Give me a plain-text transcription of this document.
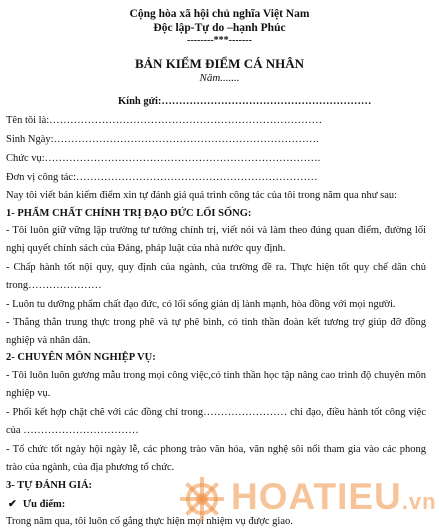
Cộng hòa xã hội chủ nghĩa Việt Nam
Độc lập-Tự do –hạnh Phúc
--------***-------
BẢN KIỂM ĐIỂM CÁ NHÂN
Năm.......
Kính gửi:……………………………………………………
Tên tôi là:……………………………………………………………………
Sinh Ngày:………………………………………………………………….
Chức vụ:…………………………………………………………………….
Đơn vị công tác:……………………………………………………………
Nay tôi viết bản kiểm điểm xin tự đánh giá quá trình công tác của tôi trong năm qua như sau:
1- PHẨM CHẤT CHÍNH TRỊ ĐẠO ĐỨC LỐI SỐNG:
- Tôi luôn giữ vững lập trường tư tưởng chính trị, viết nói và làm theo đúng quan điểm, đường lối nghị quyết chính sách của Đảng, pháp luật của nhà nước quy định.
- Chấp hành tốt nội quy, quy định của ngành, của trường đề ra. Thực hiện tốt quy chế dân chủ trong…………………
- Luôn tu dưỡng phẩm chất đạo đức, có lối sống giản dị lành mạnh, hòa đồng với mọi người.
- Thẳng thắn trung thực trong phê và tự phê bình, có tinh thần đoàn kết tương trợ giúp đỡ đồng nghiệp và nhân dân.
2- CHUYÊN MÔN NGHIỆP VỤ:
- Tôi luôn luôn gương mẫu trong mọi công việc,có tinh thần học tập nâng cao trình độ chuyên môn nghiệp vụ.
- Phối kết hợp chặt chẽ với các đồng chí trong…………………… chỉ đạo, điều hành tốt công việc của ……………………………
- Tổ chức tốt ngày hội ngày lễ, các phong trào văn hóa, văn nghệ sôi nổi tham gia vào các phong trào của ngành, của địa phương tổ chức.
3- TỰ ĐÁNH GIÁ:
✔ Ưu điểm:
Trong năm qua, tôi luôn cố gắng thực hiện mọi nhiệm vụ được giao.
HOATIEU.vn
